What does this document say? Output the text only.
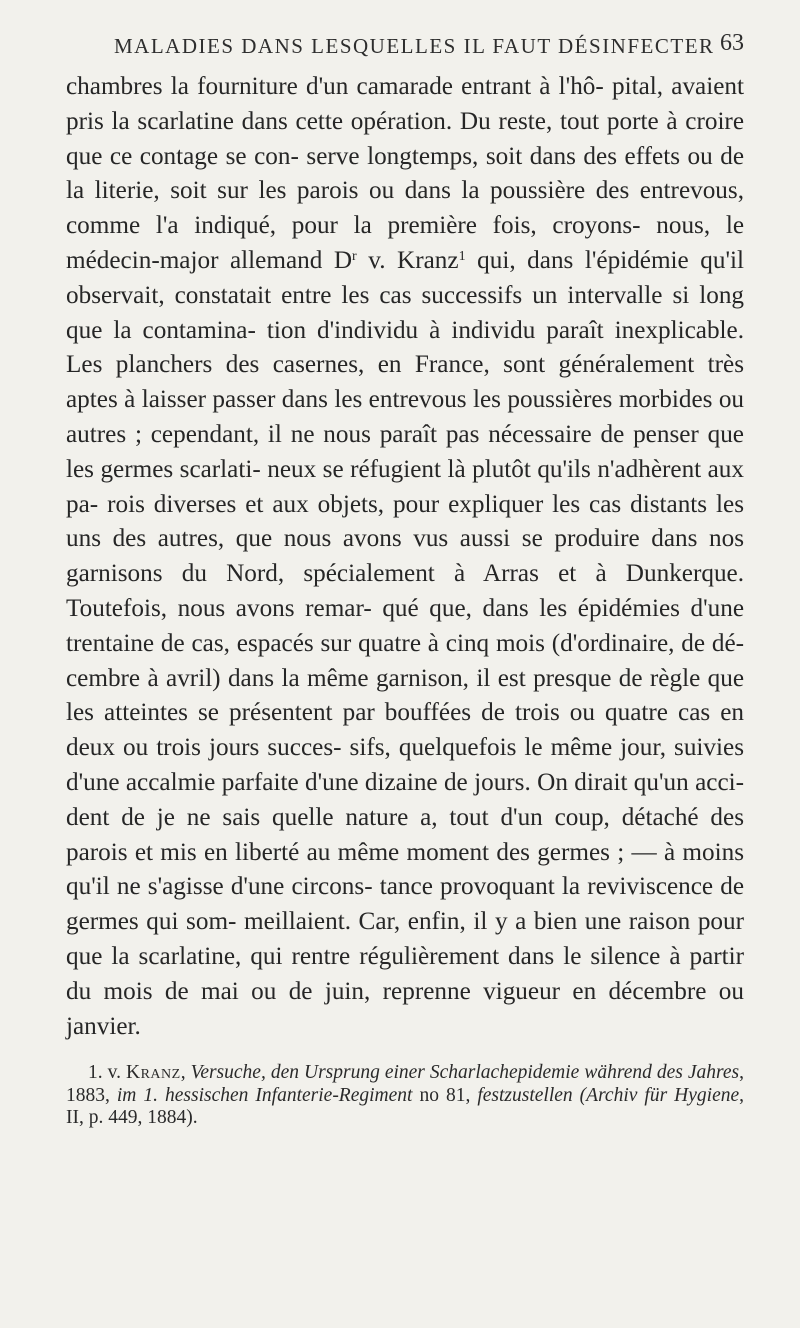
MALADIES DANS LESQUELLES IL FAUT DÉSINFECTER 63
chambres la fourniture d'un camarade entrant à l'hô- pital, avaient pris la scarlatine dans cette opération. Du reste, tout porte à croire que ce contage se con- serve longtemps, soit dans des effets ou de la literie, soit sur les parois ou dans la poussière des entrevous, comme l'a indiqué, pour la première fois, croyons- nous, le médecin-major allemand $D^r$ v. Kranz$^1$ qui, dans l'épidémie qu'il observait, constatait entre les cas successifs un intervalle si long que la contamina- tion d'individu à individu paraît inexplicable. Les planchers des casernes, en France, sont généralement très aptes à laisser passer dans les entrevous les poussières morbides ou autres ; cependant, il ne nous paraît pas nécessaire de penser que les germes scarlati- neux se réfugient là plutôt qu'ils n'adhèrent aux pa- rois diverses et aux objets, pour expliquer les cas distants les uns des autres, que nous avons vus aussi se produire dans nos garnisons du Nord, spécialement à Arras et à Dunkerque. Toutefois, nous avons remar- qué que, dans les épidémies d'une trentaine de cas, espacés sur quatre à cinq mois (d'ordinaire, de dé- cembre à avril) dans la même garnison, il est presque de règle que les atteintes se présentent par bouffées de trois ou quatre cas en deux ou trois jours succes- sifs, quelquefois le même jour, suivies d'une accalmie parfaite d'une dizaine de jours. On dirait qu'un acci- dent de je ne sais quelle nature a, tout d'un coup, détaché des parois et mis en liberté au même moment des germes ; — à moins qu'il ne s'agisse d'une circons- tance provoquant la reviviscence de germes qui som- meillaient. Car, enfin, il y a bien une raison pour que la scarlatine, qui rentre régulièrement dans le silence à partir du mois de mai ou de juin, reprenne vigueur en décembre ou janvier.
1. v. Kranz, Versuche, den Ursprung einer Scharlachepidemie während des Jahres, 1883, im 1. hessischen Infanterie-Regiment no 81, festzustellen (Archiv für Hygiene, II, p. 449, 1884).
